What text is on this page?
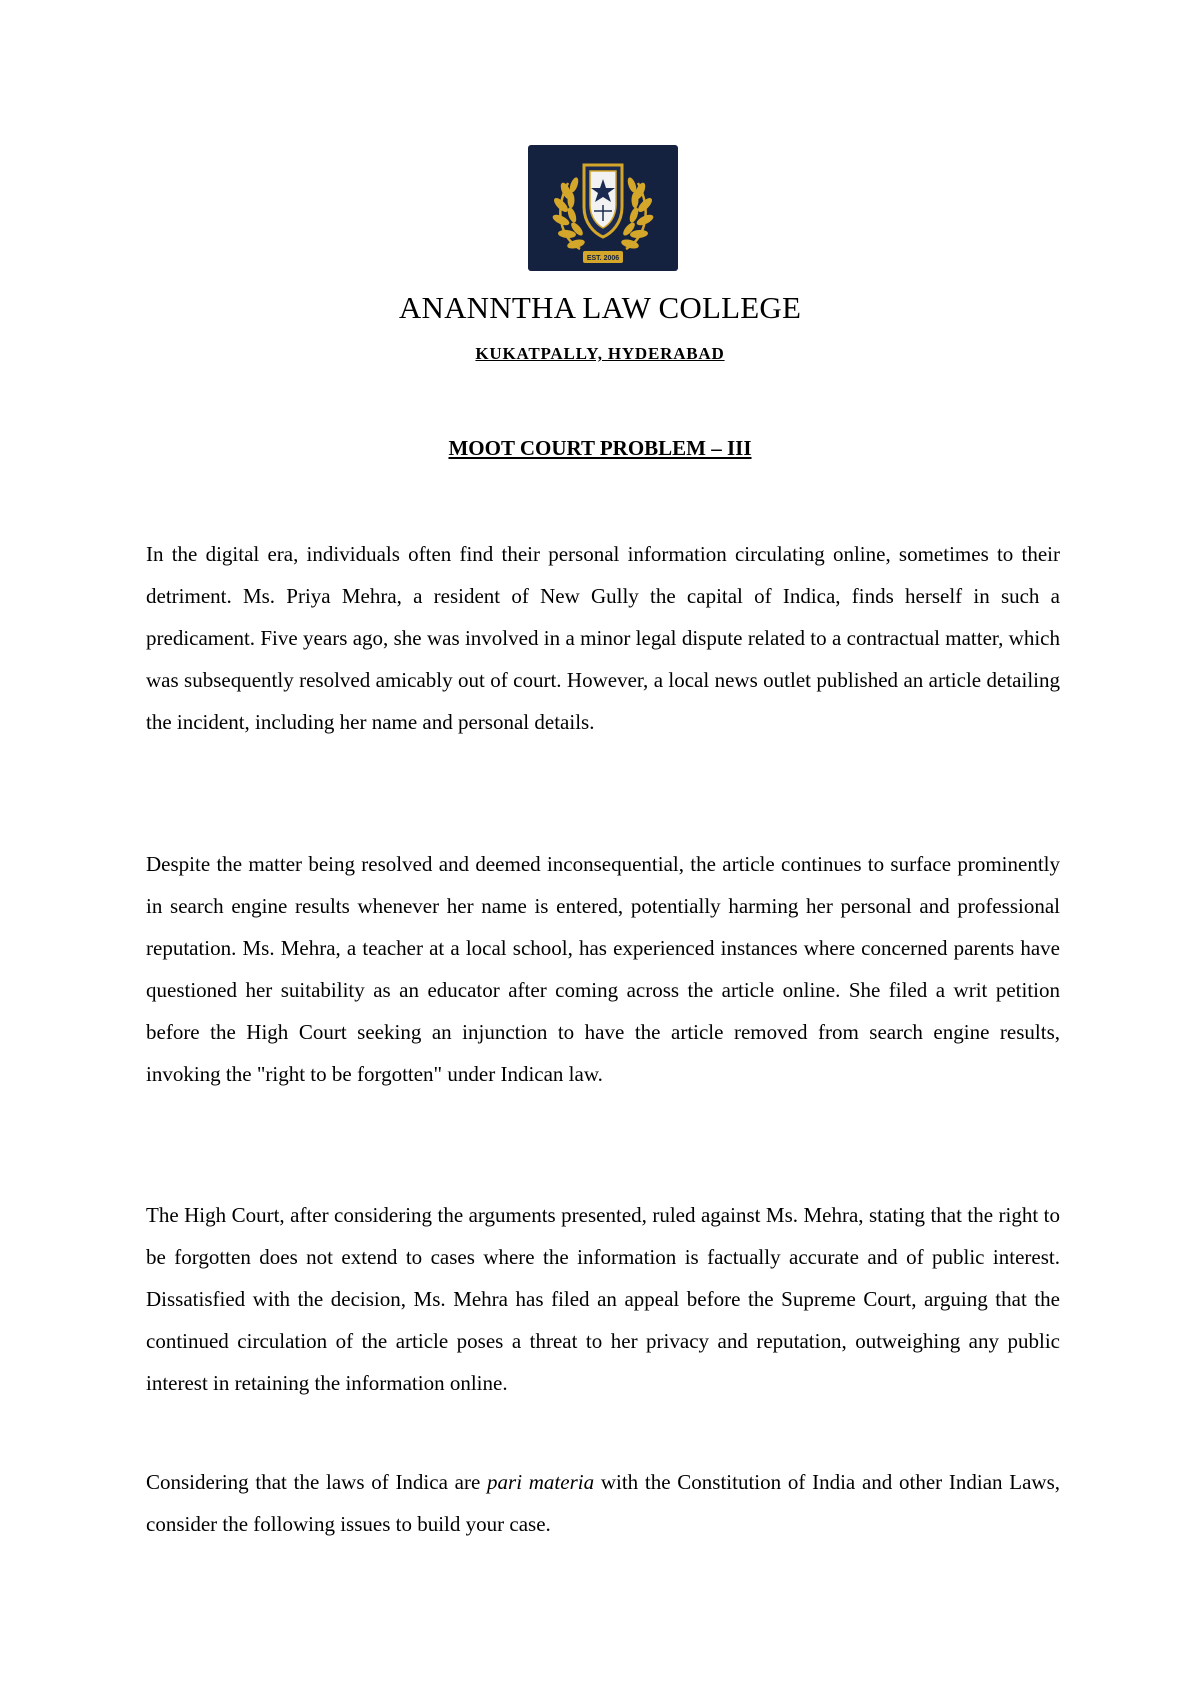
EST. 2006
ANANNTHA LAW COLLEGE
KUKATPALLY, HYDERABAD
MOOT COURT PROBLEM – III

In the digital era, individuals often find their personal information circulating online, sometimes to their detriment. Ms. Priya Mehra, a resident of New Gully the capital of Indica, finds herself in such a predicament. Five years ago, she was involved in a minor legal dispute related to a contractual matter, which was subsequently resolved amicably out of court. However, a local news outlet published an article detailing the incident, including her name and personal details.

Despite the matter being resolved and deemed inconsequential, the article continues to surface prominently in search engine results whenever her name is entered, potentially harming her personal and professional reputation. Ms. Mehra, a teacher at a local school, has experienced instances where concerned parents have questioned her suitability as an educator after coming across the article online. She filed a writ petition before the High Court seeking an injunction to have the article removed from search engine results, invoking the "right to be forgotten" under Indican law.

The High Court, after considering the arguments presented, ruled against Ms. Mehra, stating that the right to be forgotten does not extend to cases where the information is factually accurate and of public interest. Dissatisfied with the decision, Ms. Mehra has filed an appeal before the Supreme Court, arguing that the continued circulation of the article poses a threat to her privacy and reputation, outweighing any public interest in retaining the information online.

Considering that the laws of Indica are pari materia with the Constitution of India and other Indian Laws, consider the following issues to build your case.
